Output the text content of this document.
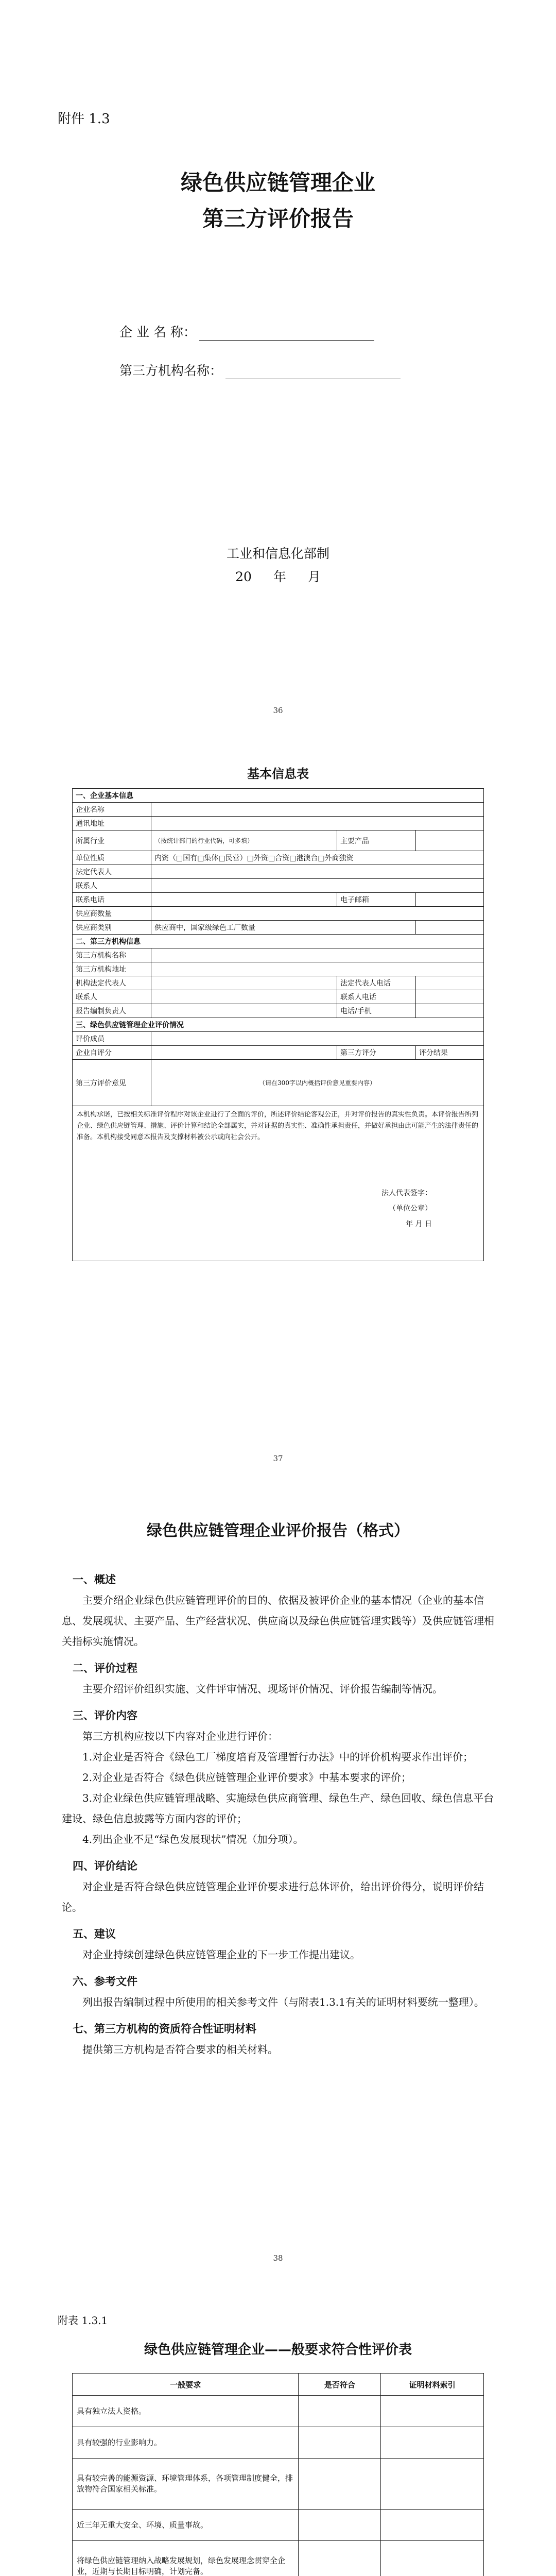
附件 1.3
绿色供应链管理企业
第三方评价报告
企 业 名 称：
第三方机构名称：
工业和信息化部制
20 年 月
36
基本信息表
一、企业基本信息			
企业名称			
通讯地址			
所属行业	（按统计部门的行业代码，可多填）	主要产品	
单位性质	内资（□国有□集体□民营）□外资□合资□港澳台□外商独资		
法定代表人			
联系人			
联系电话		电子邮箱	
供应商数量			
供应商类别	供应商中，国家级绿色工厂数量		
二、第三方机构信息			
第三方机构名称			
第三方机构地址			
机构法定代表人		法定代表人电话	
联系人		联系人电话	
报告编制负责人		电话/手机	
三、绿色供应链管理企业评价情况			
评价成员			
企业自评分		第三方评分	评分结果
第三方评价意见	（请在300字以内概括评价意见重要内容）		

本机构承诺，已按相关标准评价程序对该企业进行了全面的评价，所述评价结论客观公正，并对评价报告的真实性负责。本评价报告所列企业、绿色供应链管理、措施、评价计算和结论全部属实，并对证据的真实性、准确性承担责任，并做好承担由此可能产生的法律责任的准备。本机构接受同意本报告及支撑材料被公示或向社会公开。
法人代表签字：
（单位公章）
年 月 日			
37
绿色供应链管理企业评价报告（格式）
一、概述

主要介绍企业绿色供应链管理评价的目的、依据及被评价企业的基本情况（企业的基本信息、发展现状、主要产品、生产经营状况、供应商以及绿色供应链管理实践等）及供应链管理相关指标实施情况。

二、评价过程

主要介绍评价组织实施、文件评审情况、现场评价情况、评价报告编制等情况。

三、评价内容

第三方机构应按以下内容对企业进行评价：

1.对企业是否符合《绿色工厂梯度培育及管理暂行办法》中的评价机构要求作出评价；

2.对企业是否符合《绿色供应链管理企业评价要求》中基本要求的评价；

3.对企业绿色供应链管理战略、实施绿色供应商管理、绿色生产、绿色回收、绿色信息平台建设、绿色信息披露等方面内容的评价；

4.列出企业不足“绿色发展现状”情况（加分项）。

四、评价结论

对企业是否符合绿色供应链管理企业评价要求进行总体评价，给出评价得分，说明评价结论。

五、建议

对企业持续创建绿色供应链管理企业的下一步工作提出建议。

六、参考文件

列出报告编制过程中所使用的相关参考文件（与附表1.3.1有关的证明材料要统一整理）。

七、第三方机构的资质符合性证明材料

提供第三方机构是否符合要求的相关材料。

38
附表 1.3.1
绿色供应链管理企业——般要求符合性评价表
一般要求	是否符合	证明材料索引
具有独立法人资格。		
具有较强的行业影响力。		
具有较完善的能源资源、环境管理体系，各项管理制度健全，排放物符合国家相关标准。		
近三年无重大安全、环境、质量事故。		
将绿色供应链管理纳入战略发展规划，绿色发展理念贯穿全企业，近期与长期目标明确，计划完备。		
